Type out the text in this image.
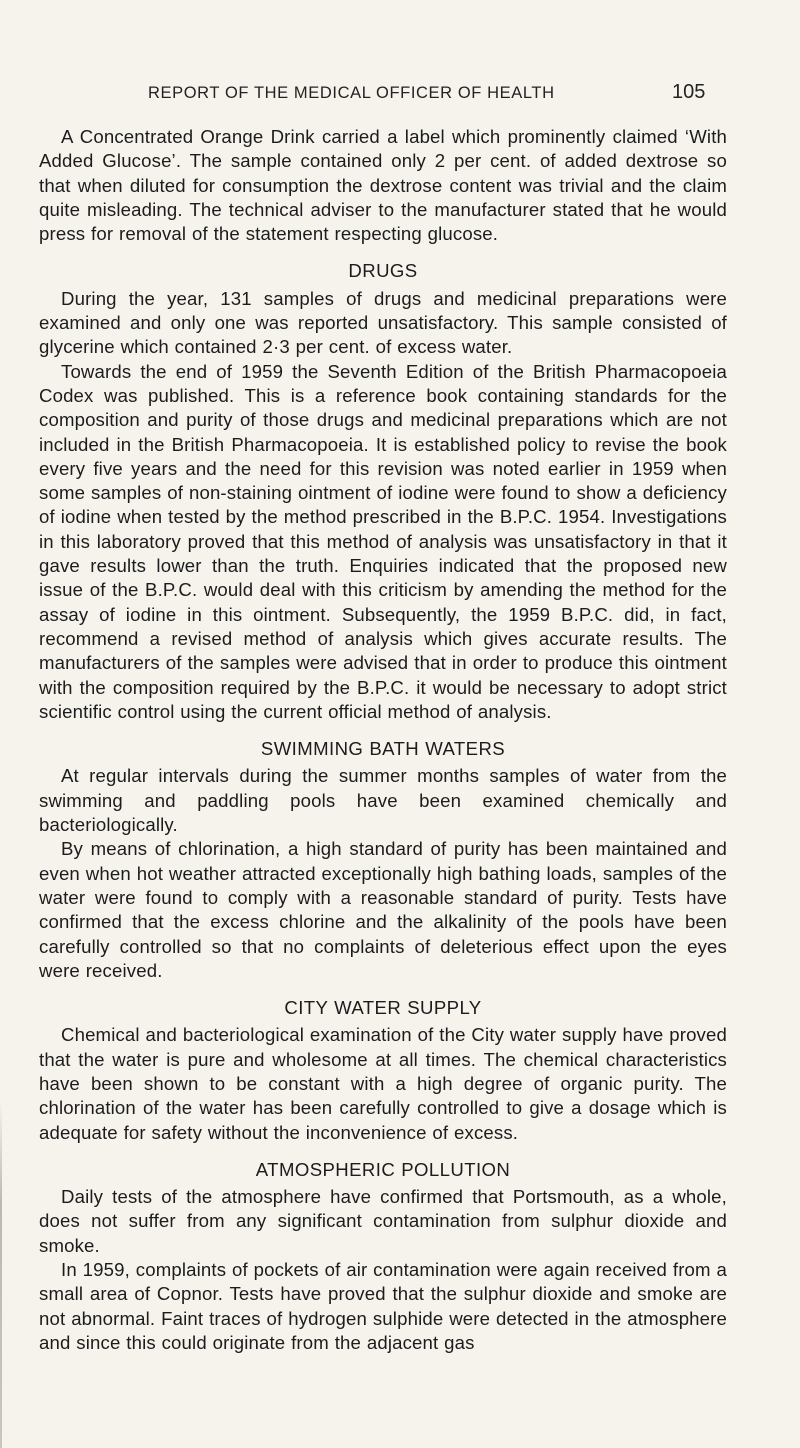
REPORT OF THE MEDICAL OFFICER OF HEALTH	105

A Concentrated Orange Drink carried a label which prominently claimed ‘With Added Glucose’. The sample contained only 2 per cent. of added dextrose so that when diluted for consumption the dextrose content was trivial and the claim quite misleading. The technical adviser to the manufacturer stated that he would press for removal of the statement respecting glucose.

DRUGS

During the year, 131 samples of drugs and medicinal preparations were examined and only one was reported unsatisfactory. This sample consisted of glycerine which contained 2·3 per cent. of excess water.

Towards the end of 1959 the Seventh Edition of the British Pharmacopoeia Codex was published. This is a reference book containing standards for the composition and purity of those drugs and medicinal preparations which are not included in the British Pharmacopoeia. It is established policy to revise the book every five years and the need for this revision was noted earlier in 1959 when some samples of non-staining ointment of iodine were found to show a deficiency of iodine when tested by the method prescribed in the B.P.C. 1954. Investigations in this laboratory proved that this method of analysis was unsatisfactory in that it gave results lower than the truth. Enquiries indicated that the proposed new issue of the B.P.C. would deal with this criticism by amending the method for the assay of iodine in this ointment. Subsequently, the 1959 B.P.C. did, in fact, recommend a revised method of analysis which gives accurate results. The manufacturers of the samples were advised that in order to produce this ointment with the composition required by the B.P.C. it would be necessary to adopt strict scientific control using the current official method of analysis.

SWIMMING BATH WATERS

At regular intervals during the summer months samples of water from the swimming and paddling pools have been examined chemically and bacteriologically.

By means of chlorination, a high standard of purity has been maintained and even when hot weather attracted exceptionally high bathing loads, samples of the water were found to comply with a reasonable standard of purity. Tests have confirmed that the excess chlorine and the alkalinity of the pools have been carefully controlled so that no complaints of deleterious effect upon the eyes were received.

CITY WATER SUPPLY

Chemical and bacteriological examination of the City water supply have proved that the water is pure and wholesome at all times. The chemical characteristics have been shown to be constant with a high degree of organic purity. The chlorination of the water has been carefully controlled to give a dosage which is adequate for safety without the inconvenience of excess.

ATMOSPHERIC POLLUTION

Daily tests of the atmosphere have confirmed that Portsmouth, as a whole, does not suffer from any significant contamination from sulphur dioxide and smoke.

In 1959, complaints of pockets of air contamination were again received from a small area of Copnor. Tests have proved that the sulphur dioxide and smoke are not abnormal. Faint traces of hydrogen sulphide were detected in the atmosphere and since this could originate from the adjacent gas
